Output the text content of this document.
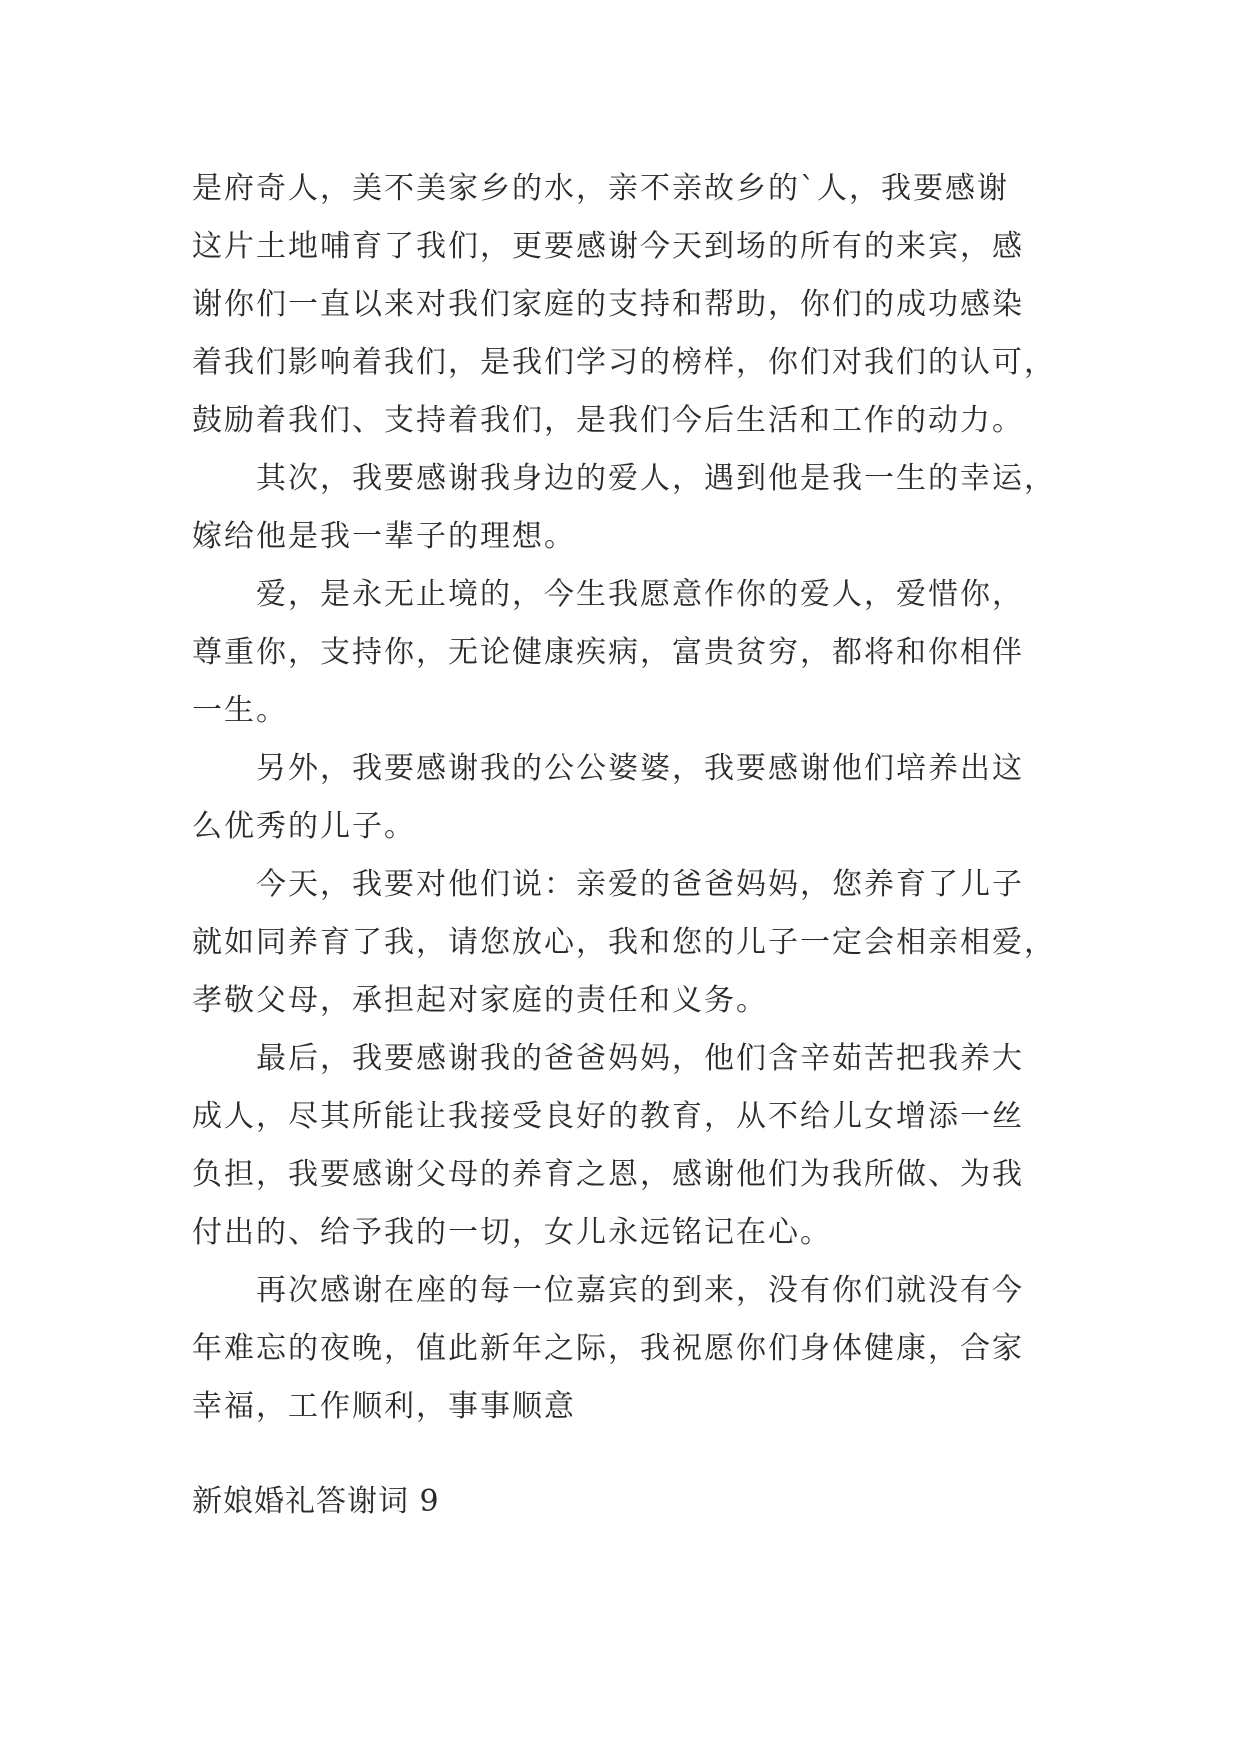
是府奇人，美不美家乡的水，亲不亲故乡的`人，我要感谢
这片土地哺育了我们，更要感谢今天到场的所有的来宾，感
谢你们一直以来对我们家庭的支持和帮助，你们的成功感染
着我们影响着我们，是我们学习的榜样，你们对我们的认可，
鼓励着我们、支持着我们，是我们今后生活和工作的动力。
其次，我要感谢我身边的爱人，遇到他是我一生的幸运，
嫁给他是我一辈子的理想。
爱，是永无止境的，今生我愿意作你的爱人，爱惜你，
尊重你，支持你，无论健康疾病，富贵贫穷，都将和你相伴
一生。
另外，我要感谢我的公公婆婆，我要感谢他们培养出这
么优秀的儿子。
今天，我要对他们说：亲爱的爸爸妈妈，您养育了儿子
就如同养育了我，请您放心，我和您的儿子一定会相亲相爱，
孝敬父母，承担起对家庭的责任和义务。
最后，我要感谢我的爸爸妈妈，他们含辛茹苦把我养大
成人，尽其所能让我接受良好的教育，从不给儿女增添一丝
负担，我要感谢父母的养育之恩，感谢他们为我所做、为我
付出的、给予我的一切，女儿永远铭记在心。
再次感谢在座的每一位嘉宾的到来，没有你们就没有今
年难忘的夜晚，值此新年之际，我祝愿你们身体健康，合家
幸福，工作顺利，事事顺意
新娘婚礼答谢词 9
